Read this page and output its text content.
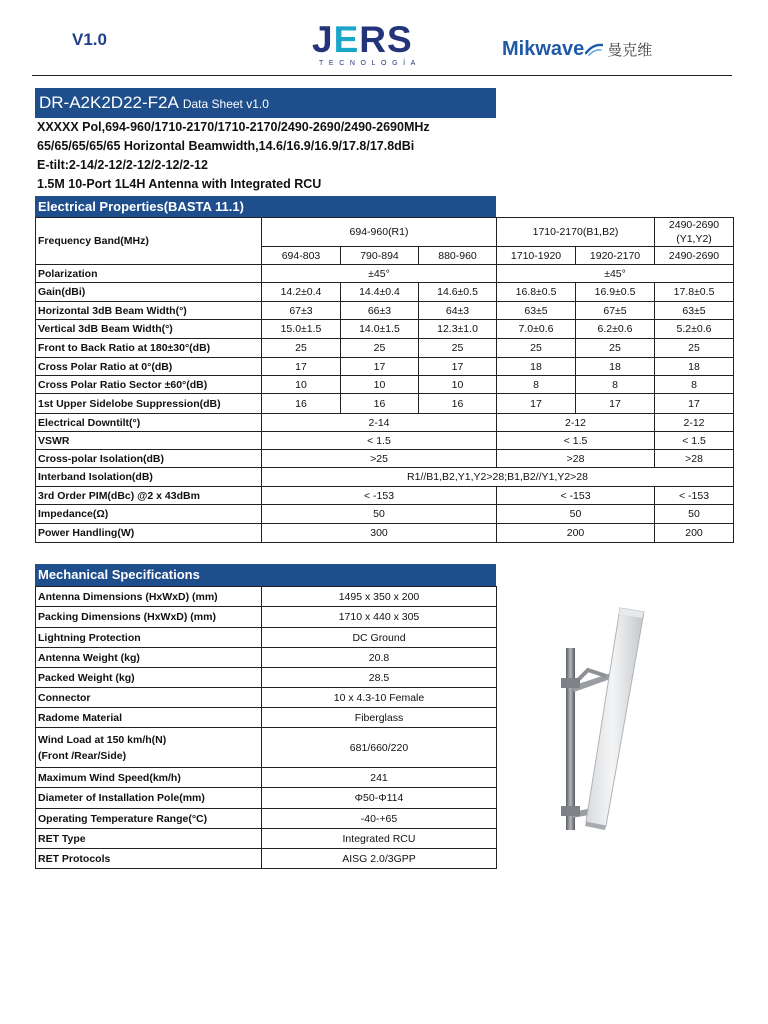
V1.0	JERS
TECNOLOGÍA
Mikwave 曼克维
DR-A2K2D22-F2A Data Sheet v1.0
XXXXX Pol,694-960/1710-2170/1710-2170/2490-2690/2490-2690MHz
65/65/65/65/65 Horizontal Beamwidth,14.6/16.9/16.9/17.8/17.8dBi
E-tilt:2-14/2-12/2-12/2-12/2-12
1.5M 10-Port 1L4H Antenna with Integrated RCU
Electrical Properties(BASTA 11.1)
Frequency Band(MHz)	694-960(R1)			1710-2170(B1,B2)		2490-2690
(Y1,Y2)
	694-803	790-894	880-960	1710-1920	1920-2170	2490-2690
Polarization	±45°			±45°		
Gain(dBi)	14.2±0.4	14.4±0.4	14.6±0.5	16.8±0.5	16.9±0.5	17.8±0.5
Horizontal 3dB Beam Width(°)	67±3	66±3	64±3	63±5	67±5	63±5
Vertical 3dB Beam Width(°)	15.0±1.5	14.0±1.5	12.3±1.0	7.0±0.6	6.2±0.6	5.2±0.6
Front to Back Ratio at 180±30°(dB)	25	25	25	25	25	25
Cross Polar Ratio at 0°(dB)	17	17	17	18	18	18
Cross Polar Ratio Sector ±60°(dB)	10	10	10	8	8	8
1st Upper Sidelobe Suppression(dB)	16	16	16	17	17	17
Electrical Downtilt(°)	2-14			2-12		2-12
VSWR	< 1.5			< 1.5		< 1.5
Cross-polar Isolation(dB)	>25			>28		>28
Interband Isolation(dB)	R1//B1,B2,Y1,Y2>28;B1,B2//Y1,Y2>28					
3rd Order PIM(dBc) @2 x 43dBm	< -153			< -153		< -153
Impedance(Ω)	50			50		50
Power Handling(W)	300			200		200
Mechanical Specifications
Antenna Dimensions (HxWxD) (mm)	1495 x 350 x 200
Packing Dimensions (HxWxD) (mm)	1710 x 440 x 305
Lightning Protection	DC Ground
Antenna Weight (kg)	20.8
Packed Weight (kg)	28.5
Connector	10 x 4.3-10 Female
Radome Material	Fiberglass
Wind Load at 150 km/h(N)
(Front /Rear/Side)	681/660/220
Maximum Wind Speed(km/h)	241
Diameter of Installation Pole(mm)	Φ50-Φ114
Operating Temperature Range(°C)	-40-+65
RET Type	Integrated RCU
RET Protocols	AISG 2.0/3GPP
